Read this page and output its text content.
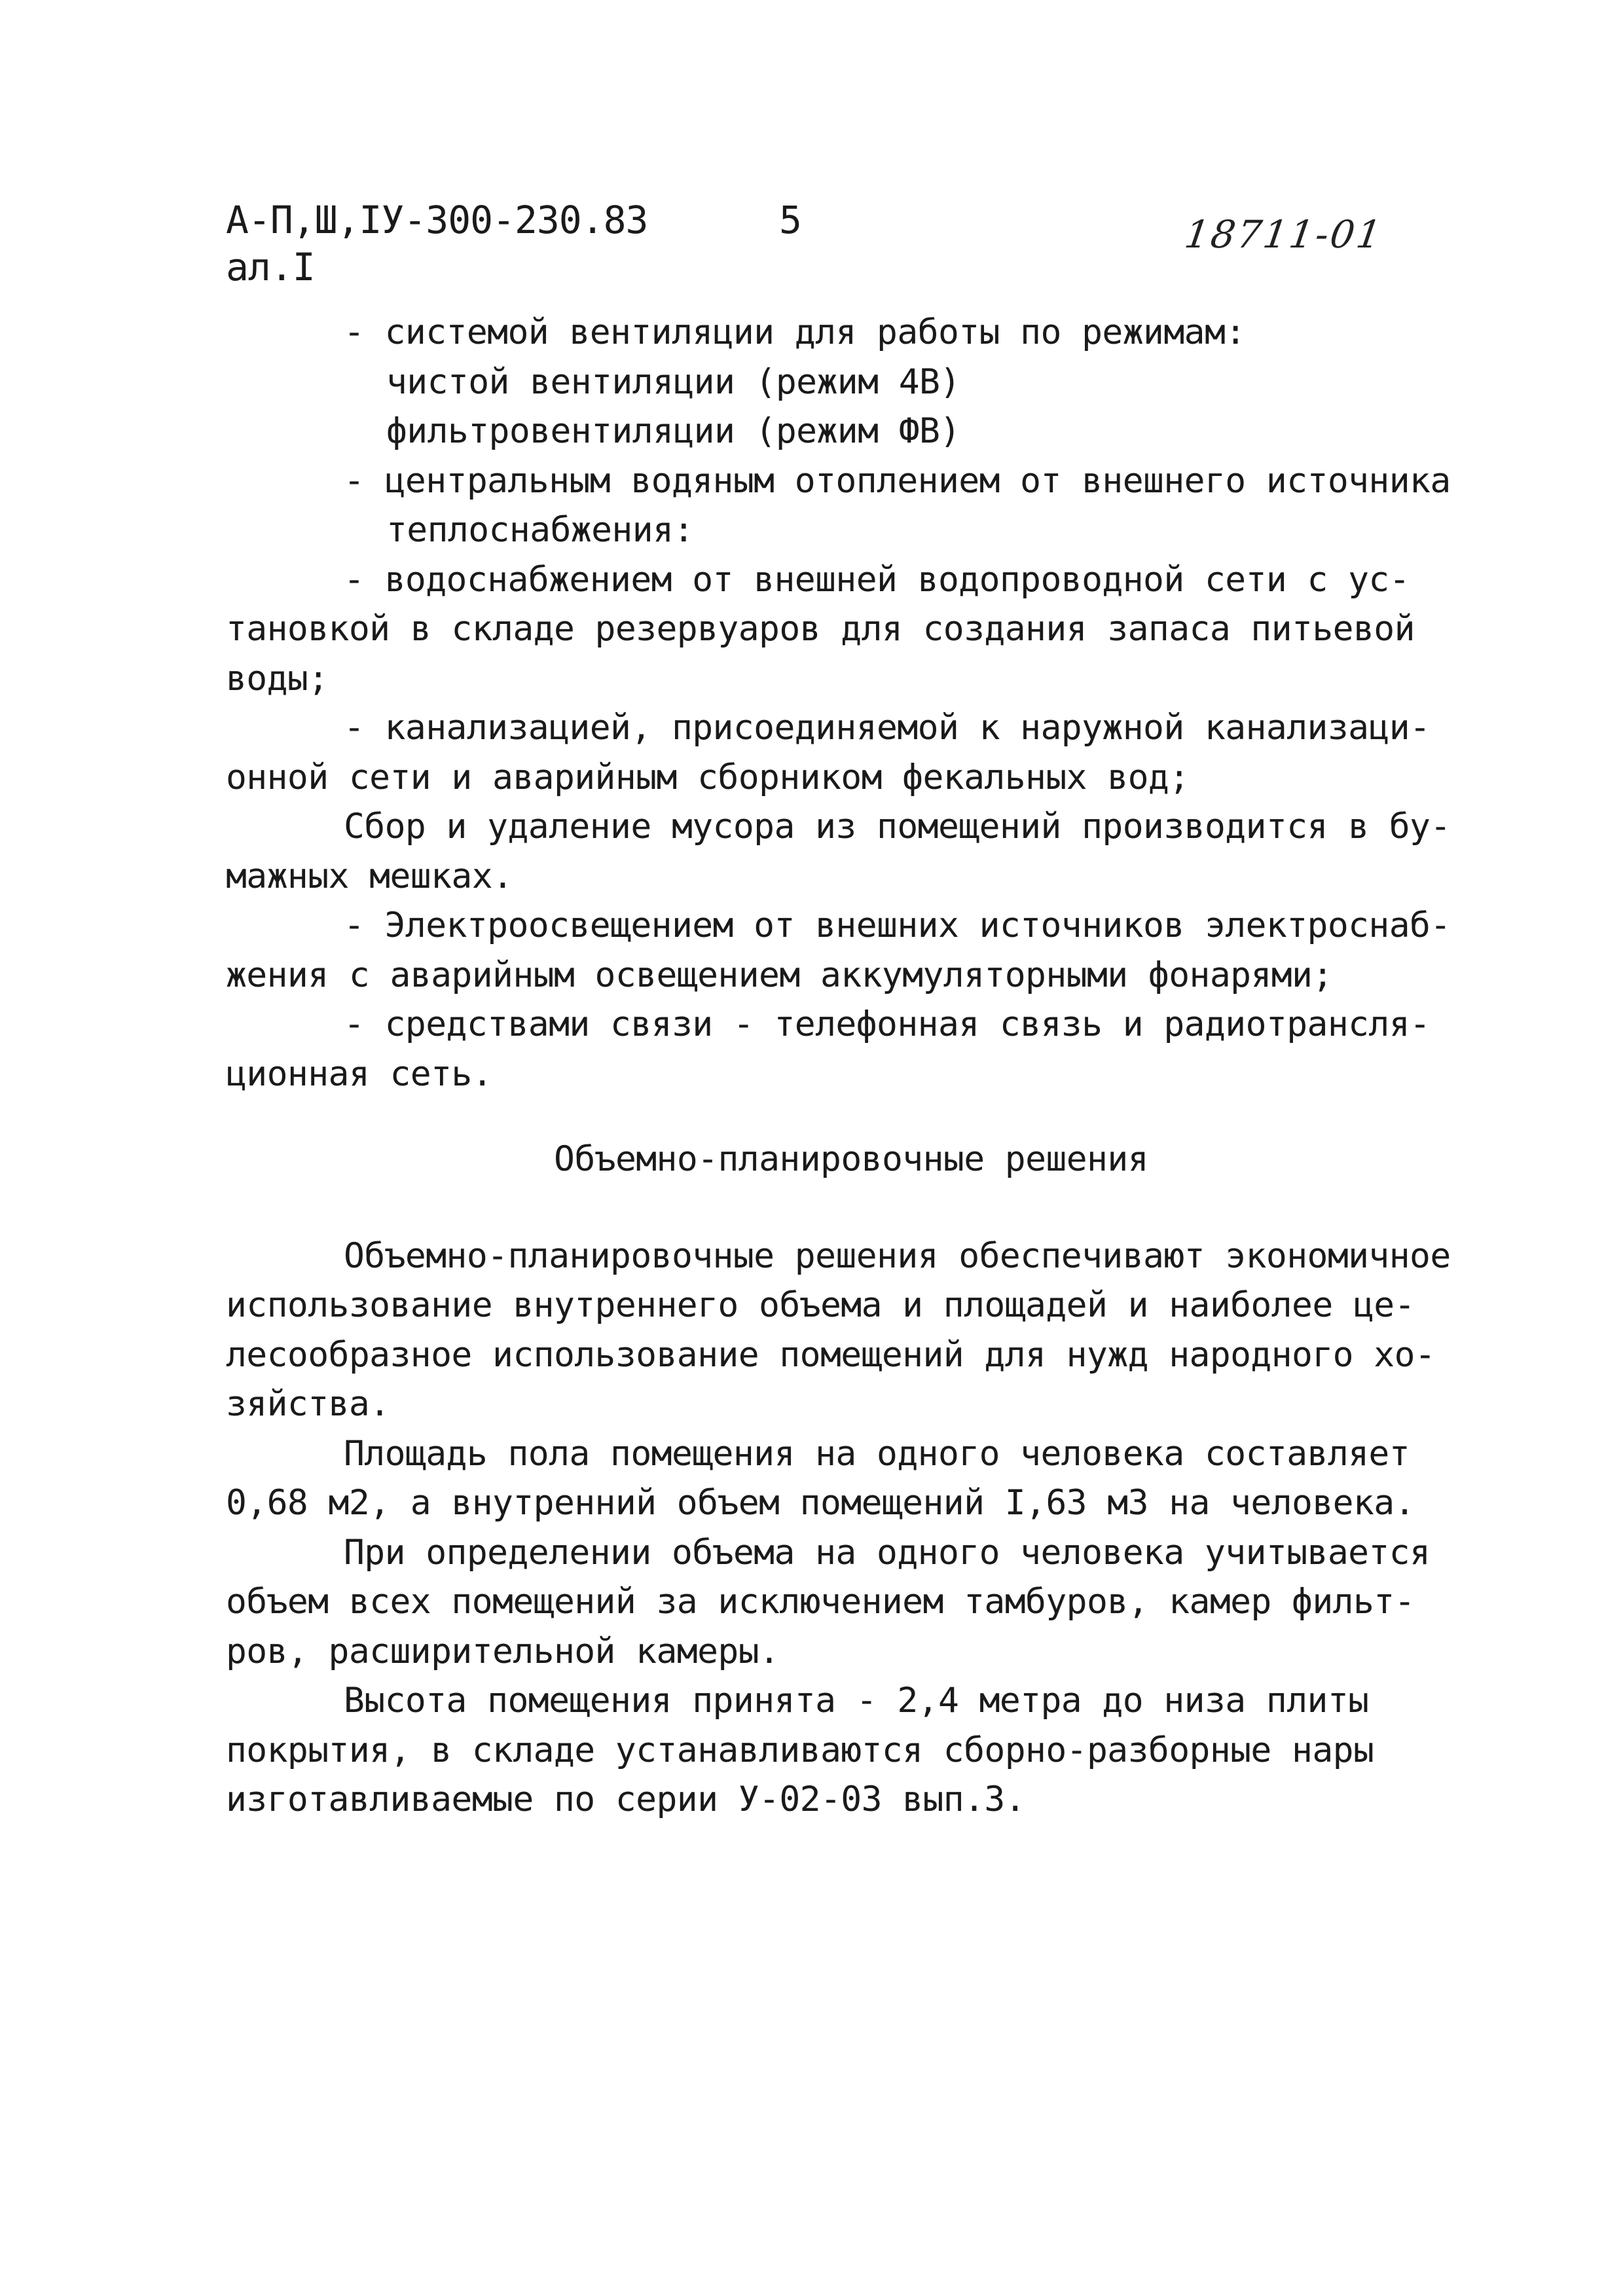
А-П,Ш,IУ-300-230.83
ал.I
5	18711-01
- системой вентиляции для работы по режимам:
чистой вентиляции (режим 4В)
фильтровентиляции (режим ФВ)
- центральным водяным отоплением от внешнего источника
теплоснабжения:
- водоснабжением от внешней водопроводной сети с ус-
тановкой в складе резервуаров для создания запаса питьевой
воды;
- канализацией, присоединяемой к наружной канализаци-
онной сети и аварийным сборником фекальных вод;
Сбор и удаление мусора из помещений производится в бу-
мажных мешках.
- Электроосвещением от внешних источников электроснаб-
жения с аварийным освещением аккумуляторными фонарями;
- средствами связи - телефонная связь и радиотрансля-
ционная сеть.
Объемно-планировочные решения
Объемно-планировочные решения обеспечивают экономичное
использование внутреннего объема и площадей и наиболее це-
лесообразное использование помещений для нужд народного хо-
зяйства.
Площадь пола помещения на одного человека составляет
0,68 м2, а внутренний объем помещений I,63 м3 на человека.
При определении объема на одного человека учитывается
объем всех помещений за исключением тамбуров, камер фильт-
ров, расширительной камеры.
Высота помещения принята - 2,4 метра до низа плиты
покрытия, в складе устанавливаются сборно-разборные нары
изготавливаемые по серии У-02-03 вып.3.
